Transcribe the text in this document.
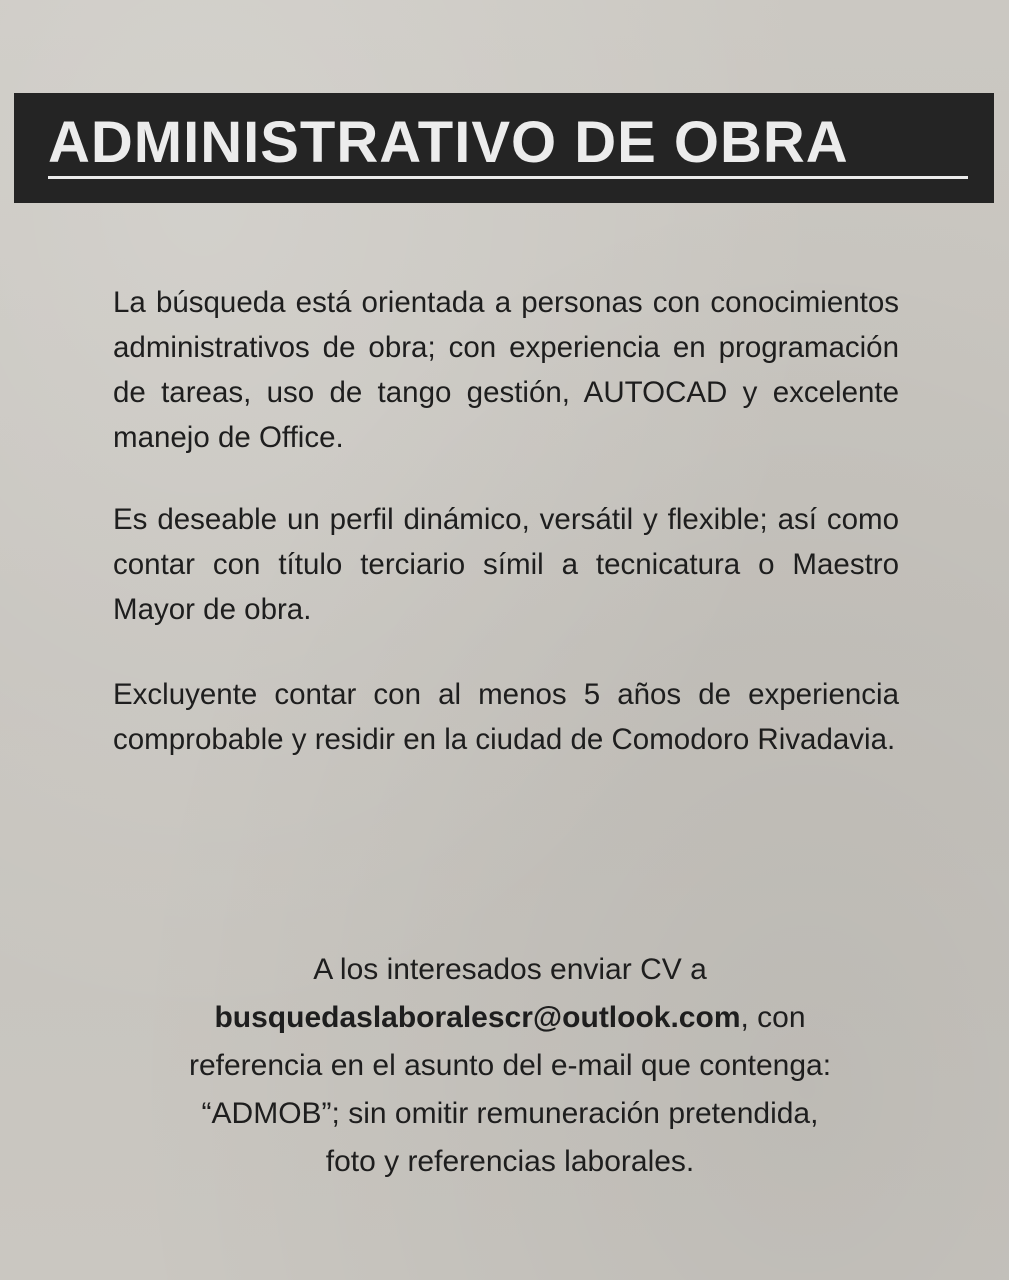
ADMINISTRATIVO DE OBRA

La búsqueda está orientada a personas con conocimientos administrativos de obra; con experiencia en programación de tareas, uso de tango gestión, AUTOCAD y excelente manejo de Office.

Es deseable un perfil dinámico, versátil y flexible; así como contar con título terciario símil a tecnicatura o Maestro Mayor de obra.

Excluyente contar con al menos 5 años de experiencia comprobable y residir en la ciudad de Comodoro Rivadavia.

A los interesados enviar CV a
busquedaslaboralescr@outlook.com, con
referencia en el asunto del e-mail que contenga:
“ADMOB”; sin omitir remuneración pretendida,
foto y referencias laborales.
